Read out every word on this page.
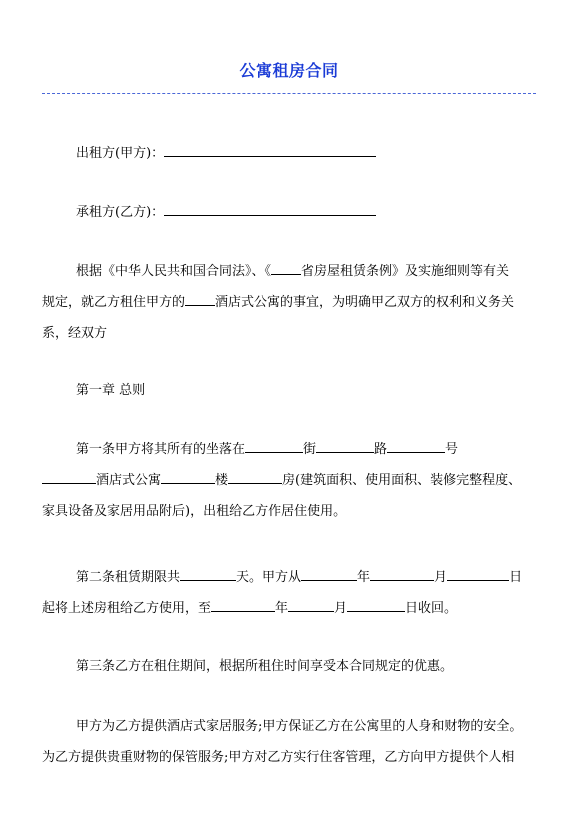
公寓租房合同
出租方(甲方)：
承租方(乙方)：
根据《中华人民共和国合同法》、《 省房屋租赁条例》及实施细则等有关
规定，就乙方租住甲方的 酒店式公寓的事宜，为明确甲乙双方的权利和义务关
系，经双方
第一章 总则
第一条甲方将其所有的坐落在	街	路	号
酒店式公寓	楼	房(建筑面积、使用面积、装修完整程度、
家具设备及家居用品附后)，出租给乙方作居住使用。
第二条租赁期限共	天。甲方从	年	月	日
起将上述房租给乙方使用，至	年	月	日收回。
第三条乙方在租住期间，根据所租住时间享受本合同规定的优惠。
甲方为乙方提供酒店式家居服务;甲方保证乙方在公寓里的人身和财物的安全。
为乙方提供贵重财物的保管服务;甲方对乙方实行住客管理，乙方向甲方提供个人相
